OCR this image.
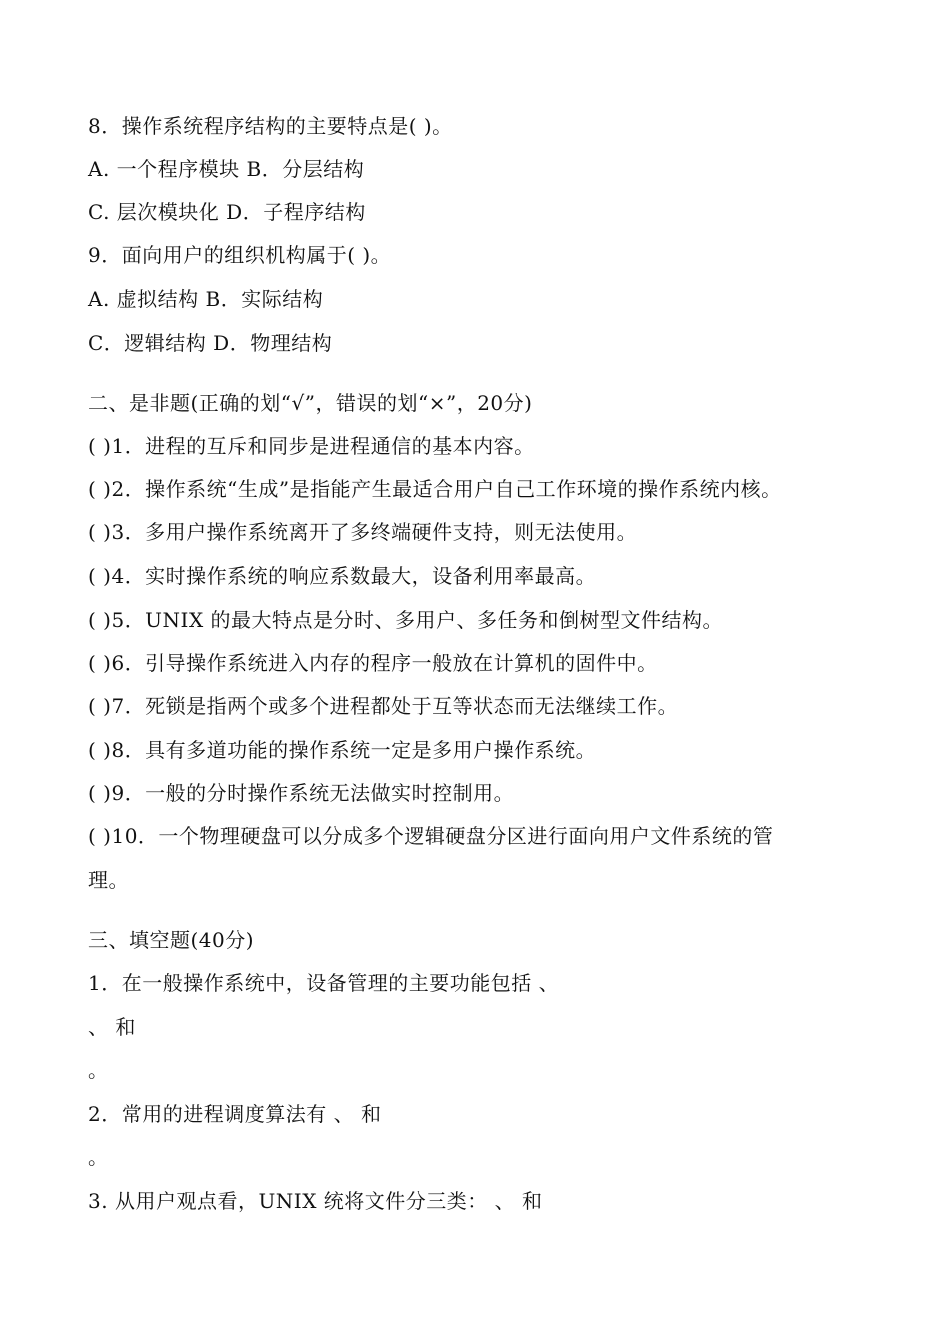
8．操作系统程序结构的主要特点是( )。
A. 一个程序模块 B．分层结构
C. 层次模块化 D．子程序结构
9．面向用户的组织机构属于( )。
A. 虚拟结构 B．实际结构
C．逻辑结构 D．物理结构
二、是非题(正确的划“√”，错误的划“×”，20分)
( )1．进程的互斥和同步是进程通信的基本内容。
( )2．操作系统“生成”是指能产生最适合用户自己工作环境的操作系统内核。
( )3．多用户操作系统离开了多终端硬件支持，则无法使用。
( )4．实时操作系统的响应系数最大，设备利用率最高。
( )5．UNIX 的最大特点是分时、多用户、多任务和倒树型文件结构。
( )6．引导操作系统进入内存的程序一般放在计算机的固件中。
( )7．死锁是指两个或多个进程都处于互等状态而无法继续工作。
( )8．具有多道功能的操作系统一定是多用户操作系统。
( )9．一般的分时操作系统无法做实时控制用。
( )10．一个物理硬盘可以分成多个逻辑硬盘分区进行面向用户文件系统的管
理。
三、填空题(40分)
1．在一般操作系统中，设备管理的主要功能包括 、
、 和
。
2．常用的进程调度算法有 、 和
。
3. 从用户观点看，UNIX 统将文件分三类： 、 和
